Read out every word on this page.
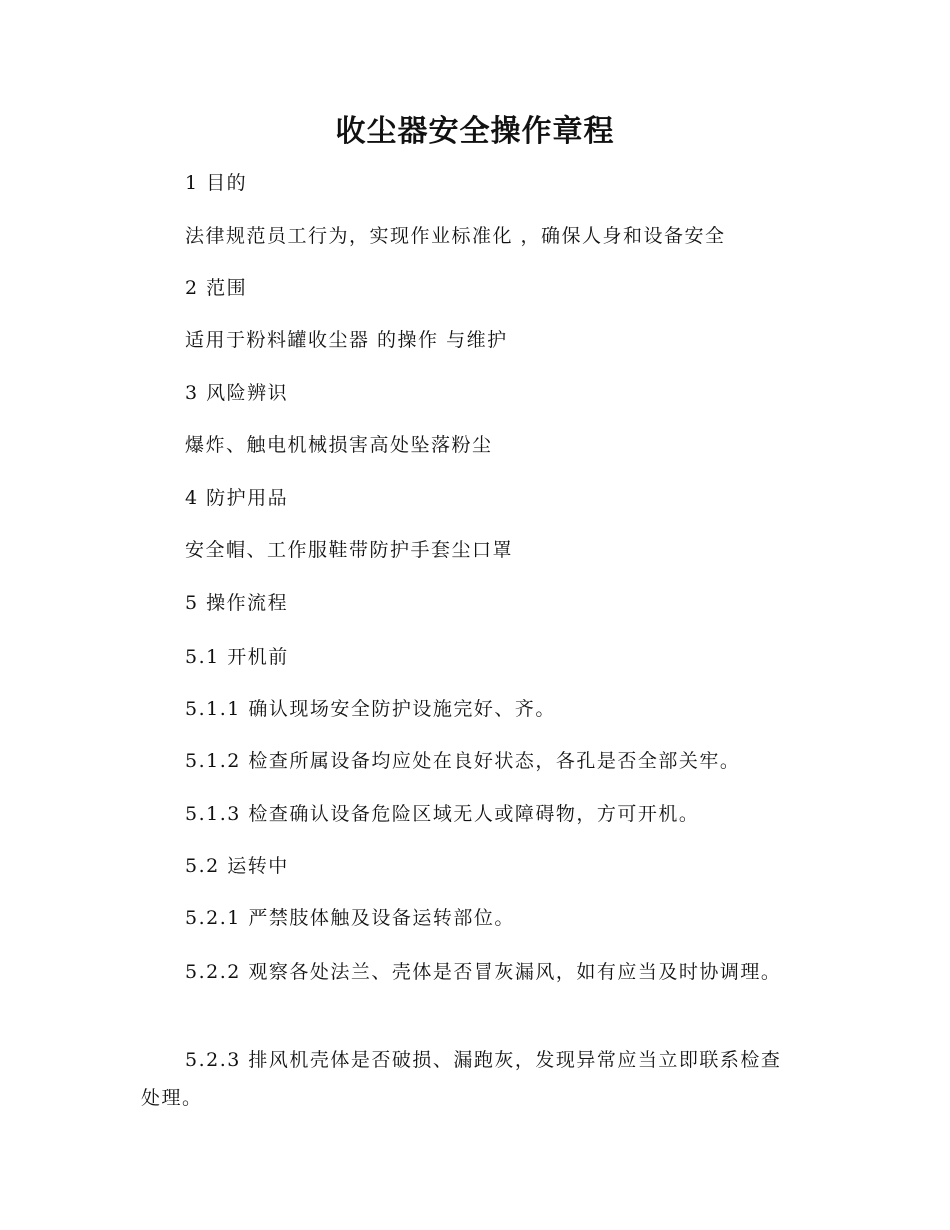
收尘器安全操作章程

1 目的

法律规范员工行为，实现作业标准化 ，确保人身和设备安全

2 范围

适用于粉料罐收尘器 的操作 与维护

3 风险辨识

爆炸、触电机械损害高处坠落粉尘

4 防护用品

安全帽、工作服鞋带防护手套尘口罩

5 操作流程

5.1 开机前

5.1.1 确认现场安全防护设施完好、齐。

5.1.2 检查所属设备均应处在良好状态，各孔是否全部关牢。

5.1.3 检查确认设备危险区域无人或障碍物，方可开机。

5.2 运转中

5.2.1 严禁肢体触及设备运转部位。

5.2.2 观察各处法兰、壳体是否冒灰漏风，如有应当及时协调理。

5.2.3 排风机壳体是否破损、漏跑灰，发现异常应当立即联系检查处理。
